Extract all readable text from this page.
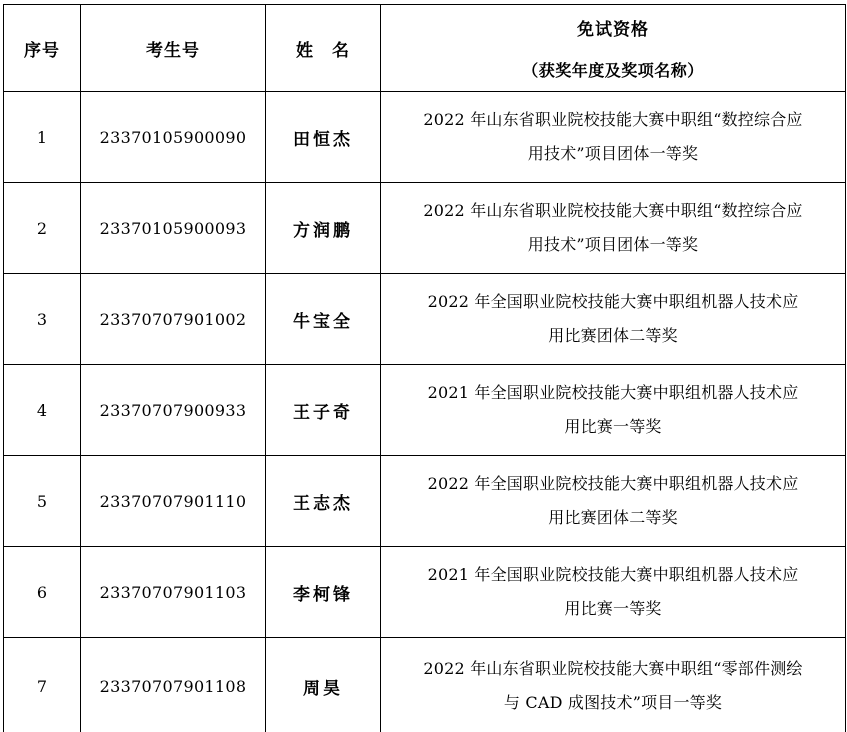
序号	考生号	姓　名	免试资格
（获奖年度及奖项名称）

1	23370105900090	田恒杰	2022 年山东省职业院校技能大赛中职组“数控综合应
用技术”项目团体一等奖

2	23370105900093	方润鹏	2022 年山东省职业院校技能大赛中职组“数控综合应
用技术”项目团体一等奖

3	23370707901002	牛宝全	2022 年全国职业院校技能大赛中职组机器人技术应
用比赛团体二等奖

4	23370707900933	王子奇	2021 年全国职业院校技能大赛中职组机器人技术应
用比赛一等奖

5	23370707901110	王志杰	2022 年全国职业院校技能大赛中职组机器人技术应
用比赛团体二等奖

6	23370707901103	李柯锋	2021 年全国职业院校技能大赛中职组机器人技术应
用比赛一等奖

7	23370707901108	周昊	2022 年山东省职业院校技能大赛中职组“零部件测绘
与 CAD 成图技术”项目一等奖
